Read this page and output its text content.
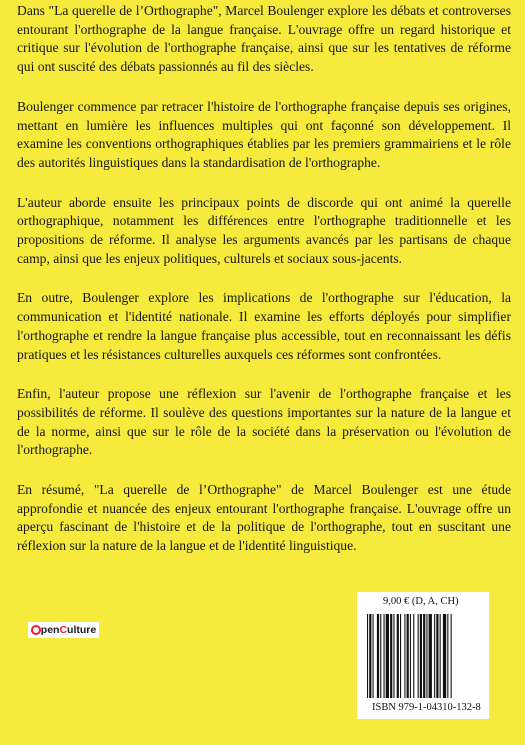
Dans "La querelle de l’Orthographe", Marcel Boulenger explore les débats et controverses entourant l'orthographe de la langue française. L'ouvrage offre un regard historique et critique sur l'évolution de l'orthographe française, ainsi que sur les tentatives de réforme qui ont suscité des débats passionnés au fil des siècles.

Boulenger commence par retracer l'histoire de l'orthographe française depuis ses origines, mettant en lumière les influences multiples qui ont façonné son développement. Il examine les conventions orthographiques établies par les premiers grammairiens et le rôle des autorités linguistiques dans la standardisation de l'orthographe.

L'auteur aborde ensuite les principaux points de discorde qui ont animé la querelle orthographique, notamment les différences entre l'orthographe traditionnelle et les propositions de réforme. Il analyse les arguments avancés par les partisans de chaque camp, ainsi que les enjeux politiques, culturels et sociaux sous-jacents.

En outre, Boulenger explore les implications de l'orthographe sur l'éducation, la communication et l'identité nationale. Il examine les efforts déployés pour simplifier l'orthographe et rendre la langue française plus accessible, tout en reconnaissant les défis pratiques et les résistances culturelles auxquels ces réformes sont confrontées.

Enfin, l'auteur propose une réflexion sur l'avenir de l'orthographe française et les possibilités de réforme. Il soulève des questions importantes sur la nature de la langue et de la norme, ainsi que sur le rôle de la société dans la préservation ou l'évolution de l'orthographe.

En résumé, "La querelle de l’Orthographe" de Marcel Boulenger est une étude approfondie et nuancée des enjeux entourant l'orthographe française. L'ouvrage offre un aperçu fascinant de l'histoire et de la politique de l'orthographe, tout en suscitant une réflexion sur la nature de la langue et de l'identité linguistique.

pen C ulture
9,00 € (D, A, CH)
ISBN 979-1-04310-132-8
